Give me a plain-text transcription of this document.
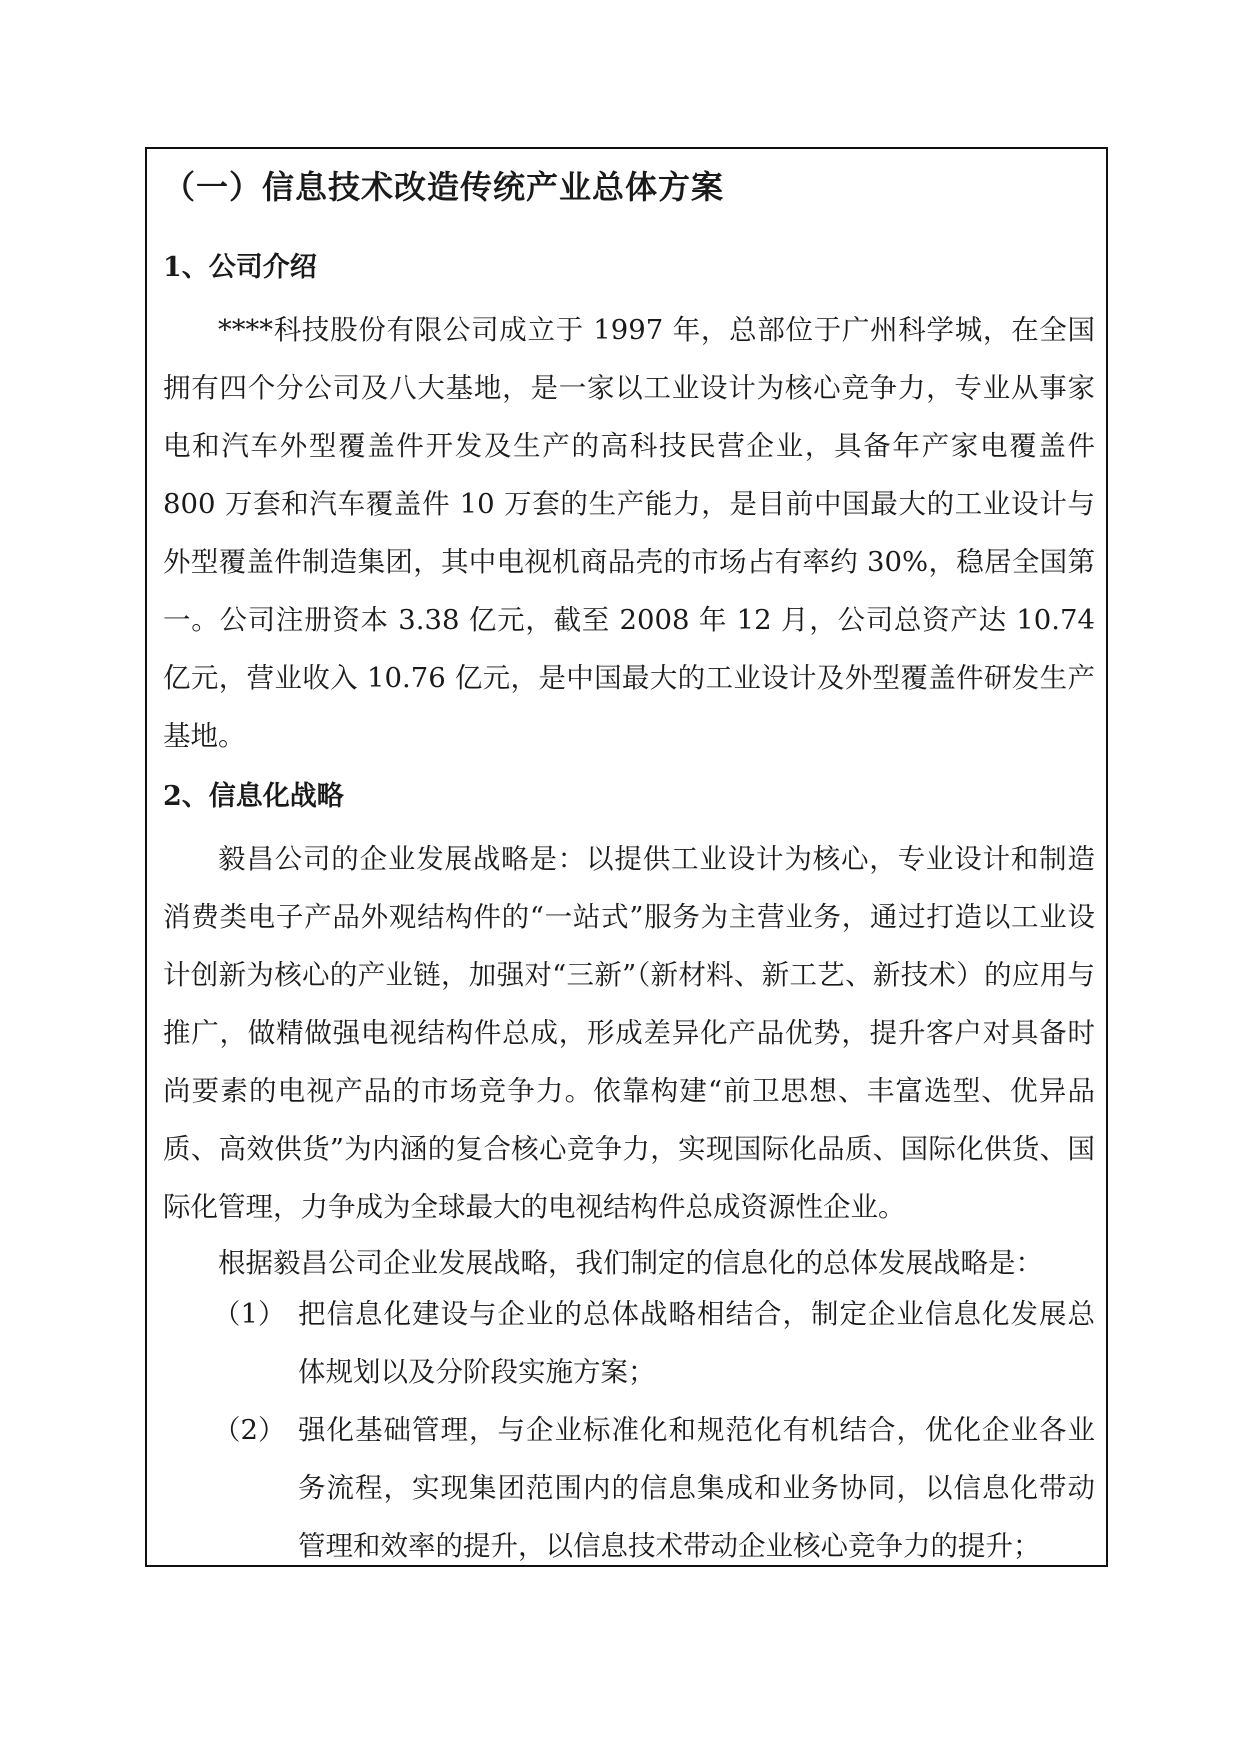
（一）信息技术改造传统产业总体方案
1、公司介绍
****科技股份有限公司成立于 1997 年，总部位于广州科学城，在全国拥有四个分公司及八大基地，是一家以工业设计为核心竞争力，专业从事家电和汽车外型覆盖件开发及生产的高科技民营企业，具备年产家电覆盖件 800 万套和汽车覆盖件 10 万套的生产能力，是目前中国最大的工业设计与外型覆盖件制造集团，其中电视机商品壳的市场占有率约 30%，稳居全国第一。公司注册资本 3.38 亿元，截至 2008 年 12 月，公司总资产达 10.74 亿元，营业收入 10.76 亿元，是中国最大的工业设计及外型覆盖件研发生产基地。
2、信息化战略
毅昌公司的企业发展战略是：以提供工业设计为核心，专业设计和制造消费类电子产品外观结构件的“一站式”服务为主营业务，通过打造以工业设计创新为核心的产业链，加强对“三新”（新材料、新工艺、新技术）的应用与推广，做精做强电视结构件总成，形成差异化产品优势，提升客户对具备时尚要素的电视产品的市场竞争力。依靠构建“前卫思想、丰富选型、优异品质、高效供货”为内涵的复合核心竞争力，实现国际化品质、国际化供货、国际化管理，力争成为全球最大的电视结构件总成资源性企业。
根据毅昌公司企业发展战略，我们制定的信息化的总体发展战略是：
（1） 把信息化建设与企业的总体战略相结合，制定企业信息化发展总体规划以及分阶段实施方案；
（2） 强化基础管理，与企业标准化和规范化有机结合，优化企业各业务流程，实现集团范围内的信息集成和业务协同，以信息化带动管理和效率的提升，以信息技术带动企业核心竞争力的提升；
